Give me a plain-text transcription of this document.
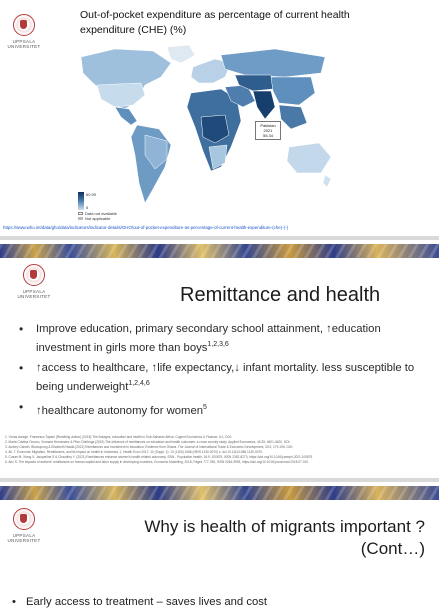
UPPSALA
UNIVERSITET
Out-of-pocket expenditure as percentage of current health expenditure (CHE) (%)
Pakistan
2021
55.34
60.99
5
Data not available
Not applicable
https://www.who.int/data/gho/data/indicators/indicator-details/GHO/out-of-pocket-expenditure-as-percentage-of-current-health-expenditure-(che)-(-)
UPPSALA
UNIVERSITET	Remittance and health
• Improve education, primary secondary school attainment, ↑education investment in girls more than boys$^{1,2,3,6}$
• ↑access to healthcare, ↑life expectancy,↓ infant mortality. less susceptible to being underweight$^{1,2,4,6}$
• ↑healthcare autonomy for women$^5$
1. Yonas Asrege, Francesco Tapani (Remitting author) (2018) The linkages, education and health in Sub-Saharan Africa. Cogent Economics & Finance, 6:1, DOI:
2. Maria Cristina Orozco, Xiomara Hernandez & Pilar Chiriboga (2019) The influence of remittances on education and health outcomes: a cross country study. Applied Economics, 44:35, 4601-4620, DOI:
3. Audrey Calmet, Bhanupong & Elizabeth Nwala (2021) Remittances and investment in education: Evidence from Ghana. The Journal of International Trade & Economic Development, 30:2, 179-196, DOI:
4. Ali, T. Economic Migration, Remittances, and its impact on health in Indonesia. J. Health Econ 2017; 10 (Suppl. 1): 13 (1150) 1086 (HE/S 1130-0070) s. doi 10.1111/1086 1130-0070.
5. Cosan M, Xiong X, Jacqueline S & Chaudhry Y. (2021) Remittances enhance women's health-related autonomy. SSM - Population health, 16:9, 100875, ISSN 2352-8273, https://doi.org/10.1016/j.ssmph.2021.100875
6. Ariz S. The impacts of workers' remittances on human capital and labor supply in developing countries. Economic Modelling, 2018, Pages 777-788, ISSN 0264-9993, https://doi.org/10.1016/j.econmod.2018.07.010.
UPPSALA
UNIVERSITET
Why is health of migrants important ? (Cont…)
• Early access to treatment – saves lives and cost
